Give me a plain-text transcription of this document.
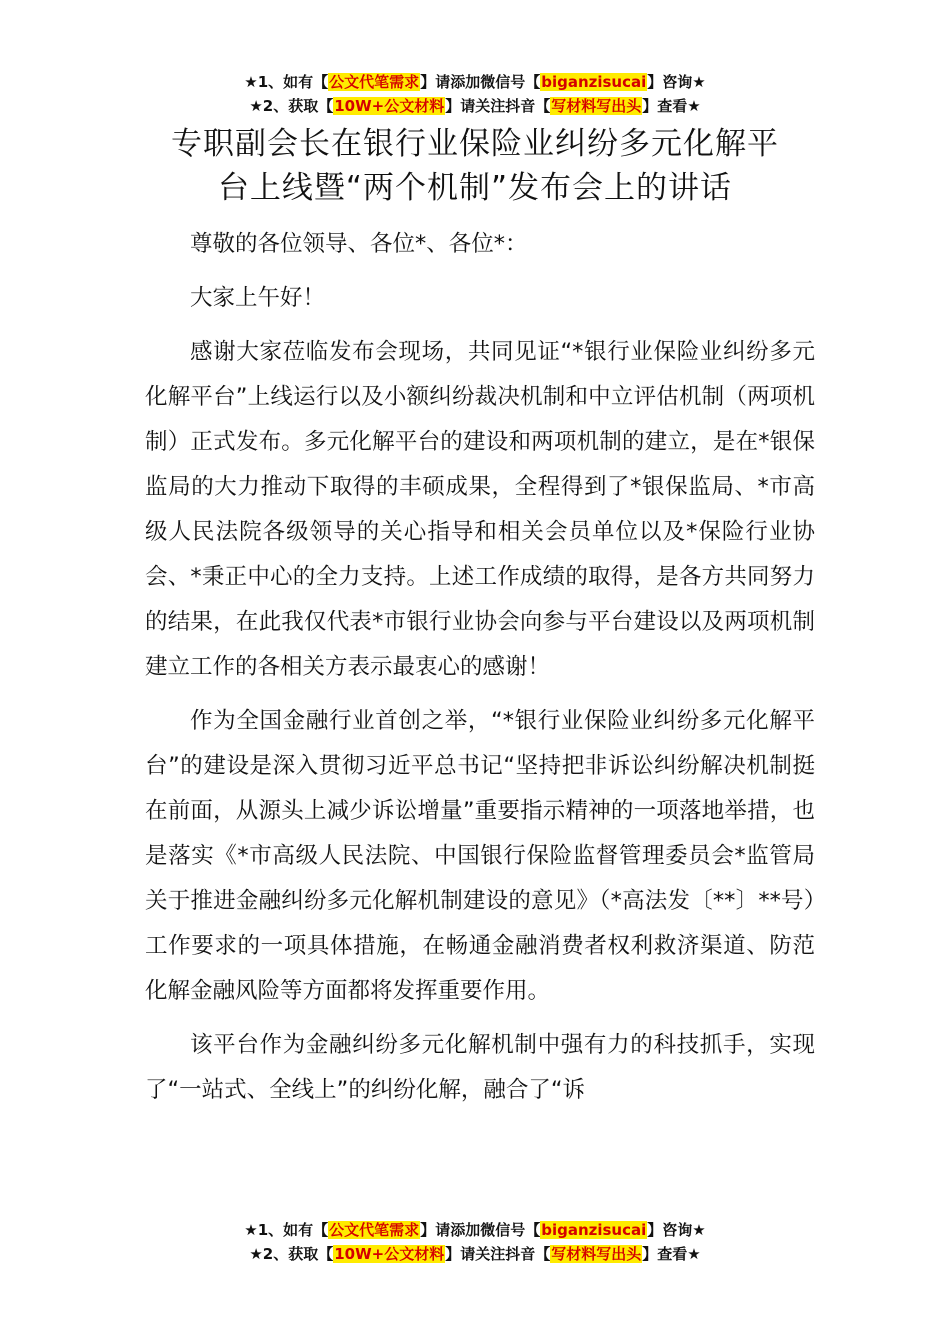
★1、如有【公文代笔需求】请添加微信号【biganzisucai】咨询★
★2、获取【10W+公文材料】请关注抖音【写材料写出头】查看★
专职副会长在银行业保险业纠纷多元化解平
台上线暨“两个机制”发布会上的讲话

尊敬的各位领导、各位*、各位*：

大家上午好！

感谢大家莅临发布会现场，共同见证“*银行业保险业纠纷多元化解平台”上线运行以及小额纠纷裁决机制和中立评估机制（两项机制）正式发布。多元化解平台的建设和两项机制的建立，是在*银保监局的大力推动下取得的丰硕成果，全程得到了*银保监局、*市高级人民法院各级领导的关心指导和相关会员单位以及*保险行业协会、*秉正中心的全力支持。上述工作成绩的取得，是各方共同努力的结果，在此我仅代表*市银行业协会向参与平台建设以及两项机制建立工作的各相关方表示最衷心的感谢！

作为全国金融行业首创之举，“*银行业保险业纠纷多元化解平台”的建设是深入贯彻习近平总书记“坚持把非诉讼纠纷解决机制挺在前面，从源头上减少诉讼增量”重要指示精神的一项落地举措，也是落实《*市高级人民法院、中国银行保险监督管理委员会*监管局关于推进金融纠纷多元化解机制建设的意见》（*高法发〔**〕**号）工作要求的一项具体措施，在畅通金融消费者权利救济渠道、防范化解金融风险等方面都将发挥重要作用。

该平台作为金融纠纷多元化解机制中强有力的科技抓手，实现了“一站式、全线上”的纠纷化解，融合了“诉

★1、如有【公文代笔需求】请添加微信号【biganzisucai】咨询★
★2、获取【10W+公文材料】请关注抖音【写材料写出头】查看★
